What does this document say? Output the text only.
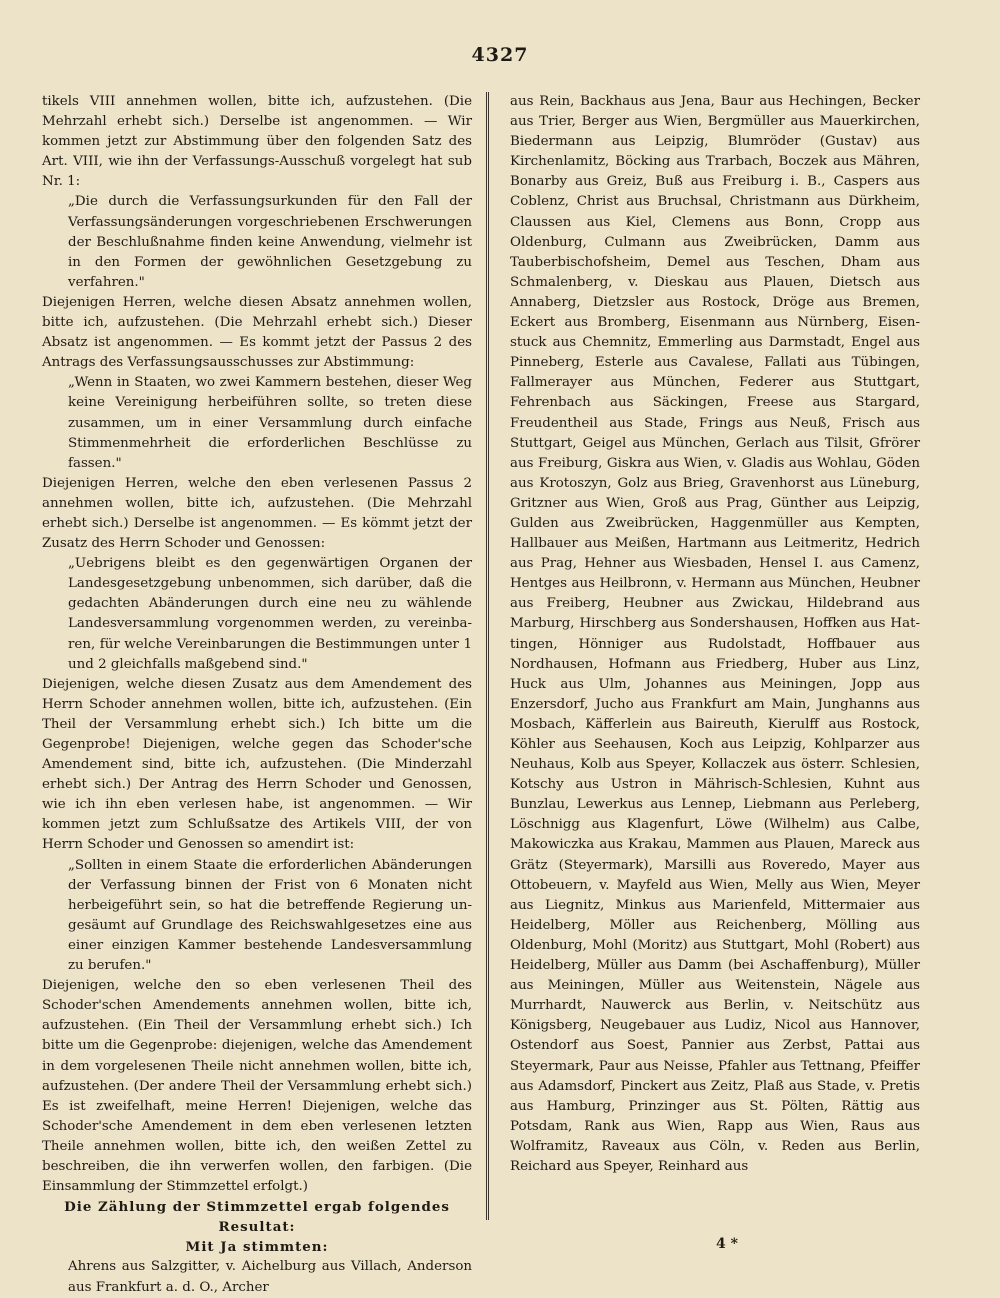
4327

tikels VIII annehmen wollen, bitte ich, aufzustehen. (Die Mehrzahl erhebt sich.) Derselbe ist angenommen. — Wir kommen jetzt zur Abstimmung über den folgenden Satz des Art. VIII, wie ihn der Verfassungs-Ausschuß vorgelegt hat sub Nr. 1:

„Die durch die Verfassungsurkunden für den Fall der Verfassungsänderungen vorgeschriebenen Erschwerungen der Beschlußnahme finden keine Anwendung, vielmehr ist in den Formen der gewöhnlichen Gesetzgebung zu verfahren."

Diejenigen Herren, welche diesen Absatz annehmen wollen, bitte ich, aufzustehen. (Die Mehrzahl erhebt sich.) Dieser Absatz ist angenommen. — Es kommt jetzt der Passus 2 des Antrags des Verfassungsausschusses zur Abstimmung:

„Wenn in Staaten, wo zwei Kammern bestehen, dieser Weg keine Vereinigung herbeiführen sollte, so treten diese zusammen, um in einer Versammlung durch einfache Stimmenmehrheit die erforderlichen Beschlüsse zu fassen."

Diejenigen Herren, welche den eben verlesenen Passus 2 annehmen wollen, bitte ich, aufzustehen. (Die Mehrzahl erhebt sich.) Derselbe ist angenommen. — Es kömmt jetzt der Zusatz des Herrn Schoder und Genossen:

„Uebrigens bleibt es den gegenwärtigen Organen der Landesgesetzgebung unbenommen, sich darüber, daß die gedachten Abänderungen durch eine neu zu wählende Landesversammlung vorgenommen werden, zu vereinbaren, für welche Vereinbarungen die Bestimmungen unter 1 und 2 gleichfalls maßgebend sind."

Diejenigen, welche diesen Zusatz aus dem Amendement des Herrn Schoder annehmen wollen, bitte ich, aufzustehen. (Ein Theil der Versammlung erhebt sich.) Ich bitte um die Gegenprobe! Diejenigen, welche gegen das Schoder'sche Amendement sind, bitte ich, aufzustehen. (Die Minderzahl erhebt sich.) Der Antrag des Herrn Schoder und Genossen, wie ich ihn eben verlesen habe, ist angenommen. — Wir kommen jetzt zum Schlußsatze des Artikels VIII, der von Herrn Schoder und Genossen so amendirt ist:

„Sollten in einem Staate die erforderlichen Abänderungen der Verfassung binnen der Frist von 6 Monaten nicht herbeigeführt sein, so hat die betreffende Regierung ungesäumt auf Grundlage des Reichswahlgesetzes eine aus einer einzigen Kammer bestehende Landesversammlung zu berufen."

Diejenigen, welche den so eben verlesenen Theil des Schoder'schen Amendements annehmen wollen, bitte ich, aufzustehen. (Ein Theil der Versammlung erhebt sich.) Ich bitte um die Gegenprobe: diejenigen, welche das Amendement in dem vorgelesenen Theile nicht annehmen wollen, bitte ich, aufzustehen. (Der andere Theil der Versammlung erhebt sich.) Es ist zweifelhaft, meine Herren! Diejenigen, welche das Schoder'sche Amendement in dem eben verlesenen letzten Theile annehmen wollen, bitte ich, den weißen Zettel zu beschreiben, die ihn verwerfen wollen, den farbigen. (Die Einsammlung der Stimmzettel erfolgt.)

Die Zählung der Stimmzettel ergab folgendes Resultat:

Mit Ja stimmten:

Ahrens aus Salzgitter, v. Aichelburg aus Villach, Anderson aus Frankfurt a. d. O., Archer

aus Rein, Backhaus aus Jena, Baur aus Hechingen, Becker aus Trier, Berger aus Wien, Bergmüller aus Mauerkirchen, Biedermann aus Leipzig, Blumröder (Gustav) aus Kirchenlamitz, Böcking aus Trarbach, Boczek aus Mähren, Bonarby aus Greiz, Buß aus Freiburg i. B., Caspers aus Coblenz, Christ aus Bruchsal, Christmann aus Dürkheim, Claussen aus Kiel, Clemens aus Bonn, Cropp aus Oldenburg, Culmann aus Zweibrücken, Damm aus Tauberbischofsheim, Demel aus Teschen, Dham aus Schmalenberg, v. Dieskau aus Plauen, Dietsch aus Annaberg, Dietzsler aus Rostock, Dröge aus Bremen, Eckert aus Bromberg, Eisenmann aus Nürnberg, Eisenstuck aus Chemnitz, Emmerling aus Darmstadt, Engel aus Pinneberg, Esterle aus Cavalese, Fallati aus Tübingen, Fallmerayer aus München, Federer aus Stuttgart, Fehrenbach aus Säckingen, Freese aus Stargard, Freudentheil aus Stade, Frings aus Neuß, Frisch aus Stuttgart, Geigel aus München, Gerlach aus Tilsit, Gfrörer aus Freiburg, Giskra aus Wien, v. Gladis aus Wohlau, Göden aus Krotoszyn, Golz aus Brieg, Gravenhorst aus Lüneburg, Gritzner aus Wien, Groß aus Prag, Günther aus Leipzig, Gulden aus Zweibrücken, Haggenmüller aus Kempten, Hallbauer aus Meißen, Hartmann aus Leitmeritz, Hedrich aus Prag, Hehner aus Wiesbaden, Hensel I. aus Camenz, Hentges aus Heilbronn, v. Hermann aus München, Heubner aus Freiberg, Heubner aus Zwickau, Hildebrand aus Marburg, Hirschberg aus Sondershausen, Hoffken aus Hattingen, Hönniger aus Rudolstadt, Hoffbauer aus Nordhausen, Hofmann aus Friedberg, Huber aus Linz, Huck aus Ulm, Johannes aus Meiningen, Jopp aus Enzersdorf, Jucho aus Frankfurt am Main, Junghanns aus Mosbach, Käfferlein aus Baireuth, Kierulff aus Rostock, Köhler aus Seehausen, Koch aus Leipzig, Kohlparzer aus Neuhaus, Kolb aus Speyer, Kollaczek aus österr. Schlesien, Kotschy aus Ustron in Mährisch-Schlesien, Kuhnt aus Bunzlau, Lewerkus aus Lennep, Liebmann aus Perleberg, Löschnigg aus Klagenfurt, Löwe (Wilhelm) aus Calbe, Makowiczka aus Krakau, Mammen aus Plauen, Mareck aus Grätz (Steyermark), Marsilli aus Roveredo, Mayer aus Ottobeuern, v. Mayfeld aus Wien, Melly aus Wien, Meyer aus Liegnitz, Minkus aus Marienfeld, Mittermaier aus Heidelberg, Möller aus Reichenberg, Mölling aus Oldenburg, Mohl (Moritz) aus Stuttgart, Mohl (Robert) aus Heidelberg, Müller aus Damm (bei Aschaffenburg), Müller aus Meiningen, Müller aus Weitenstein, Nägele aus Murrhardt, Nauwerck aus Berlin, v. Neitschütz aus Königsberg, Neugebauer aus Ludiz, Nicol aus Hannover, Ostendorf aus Soest, Pannier aus Zerbst, Pattai aus Steyermark, Paur aus Neisse, Pfahler aus Tettnang, Pfeiffer aus Adamsdorf, Pinckert aus Zeitz, Plaß aus Stade, v. Pretis aus Hamburg, Prinzinger aus St. Pölten, Rättig aus Potsdam, Rank aus Wien, Rapp aus Wien, Raus aus Wolframitz, Raveaux aus Cöln, v. Reden aus Berlin, Reichard aus Speyer, Reinhard aus

4 *
